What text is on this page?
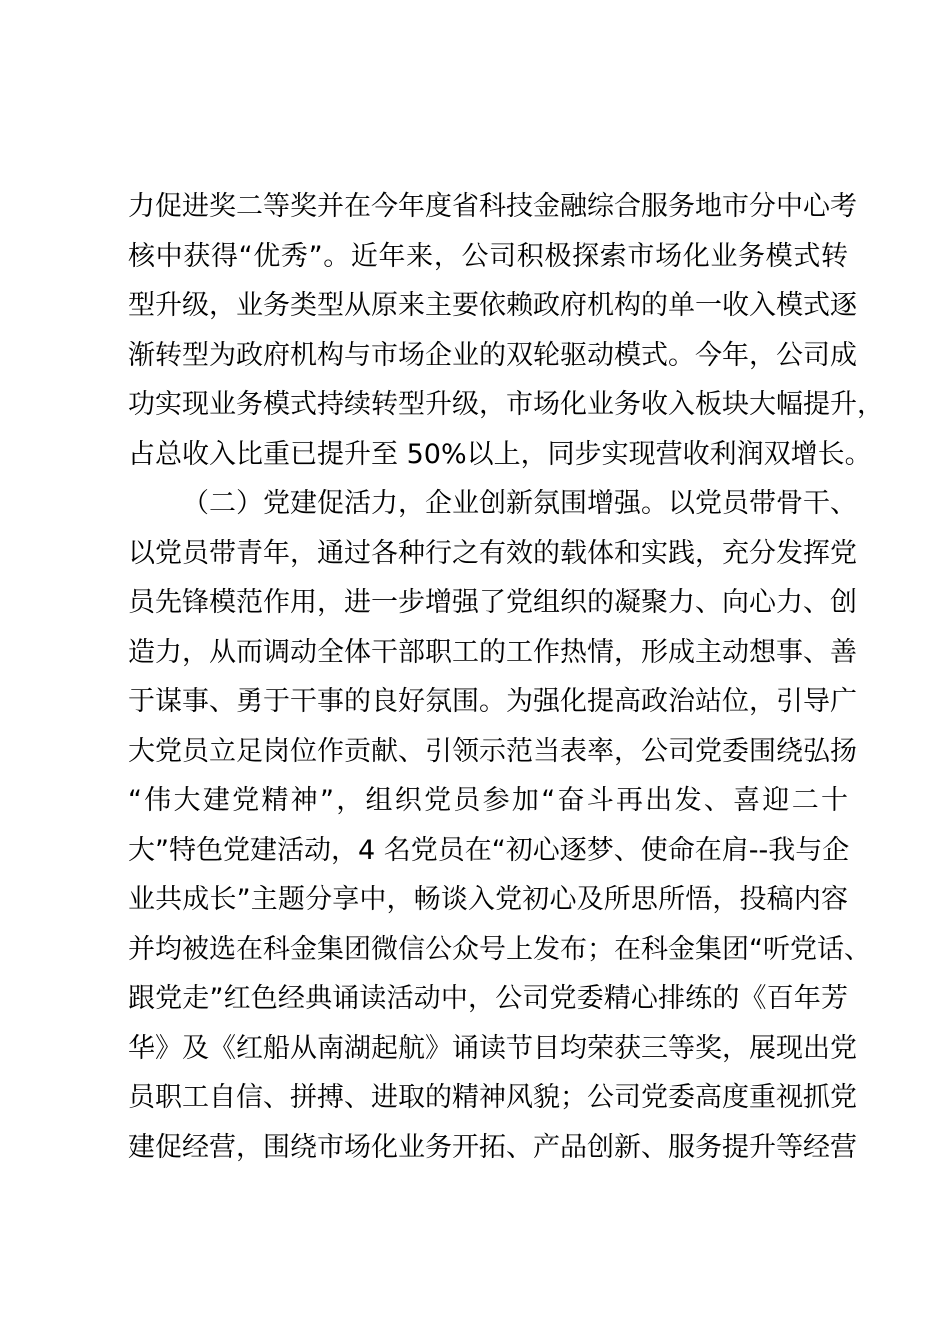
力促进奖二等奖并在今年度省科技金融综合服务地市分中心考
核中获得“优秀”。近年来，公司积极探索市场化业务模式转
型升级，业务类型从原来主要依赖政府机构的单一收入模式逐
渐转型为政府机构与市场企业的双轮驱动模式。今年，公司成
功实现业务模式持续转型升级，市场化业务收入板块大幅提升，
占总收入比重已提升至 50%以上，同步实现营收利润双增长。
（二）党建促活力，企业创新氛围增强。以党员带骨干、
以党员带青年，通过各种行之有效的载体和实践，充分发挥党
员先锋模范作用，进一步增强了党组织的凝聚力、向心力、创
造力，从而调动全体干部职工的工作热情，形成主动想事、善
于谋事、勇于干事的良好氛围。为强化提高政治站位，引导广
大党员立足岗位作贡献、引领示范当表率，公司党委围绕弘扬
“伟大建党精神”，组织党员参加“奋斗再出发、喜迎二十
大”特色党建活动，4 名党员在“初心逐梦、使命在肩--我与企
业共成长”主题分享中，畅谈入党初心及所思所悟，投稿内容
并均被选在科金集团微信公众号上发布；在科金集团“听党话、
跟党走”红色经典诵读活动中，公司党委精心排练的《百年芳
华》及《红船从南湖起航》诵读节目均荣获三等奖，展现出党
员职工自信、拼搏、进取的精神风貌；公司党委高度重视抓党
建促经营，围绕市场化业务开拓、产品创新、服务提升等经营
